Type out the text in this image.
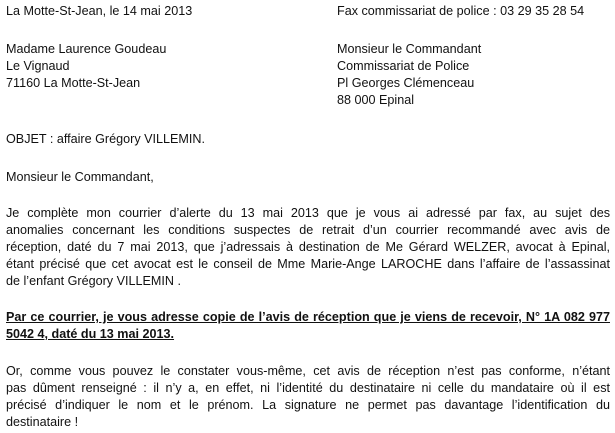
La Motte-St-Jean, le 14 mai 2013	Fax commissariat de police : 03 29 35 28 54
Madame Laurence Goudeau
Le Vignaud
71160 La Motte-St-Jean
Monsieur le Commandant
Commissariat de Police
Pl Georges Clémenceau
88 000 Epinal
OBJET : affaire Grégory VILLEMIN.
Monsieur le Commandant,
Je complète mon courrier d’alerte du 13 mai 2013 que je vous ai adressé par fax, au sujet des
anomalies concernant les conditions suspectes de retrait d’un courrier recommandé avec avis de
réception, daté du 7 mai 2013, que j’adressais à destination de Me Gérard WELZER, avocat à Epinal,
étant précisé que cet avocat est le conseil de Mme Marie-Ange LAROCHE dans l’affaire de l’assassinat
de l’enfant Grégory VILLEMIN .
Par ce courrier, je vous adresse copie de l’avis de réception que je viens de recevoir, N° 1A 082 977
5042 4, daté du 13 mai 2013.
Or, comme vous pouvez le constater vous-même, cet avis de réception n’est pas conforme, n’étant
pas dûment renseigné : il n’y a, en effet, ni l’identité du destinataire ni celle du mandataire où il est
précisé d’indiquer le nom et le prénom. La signature ne permet pas davantage l’identification du
destinataire !
